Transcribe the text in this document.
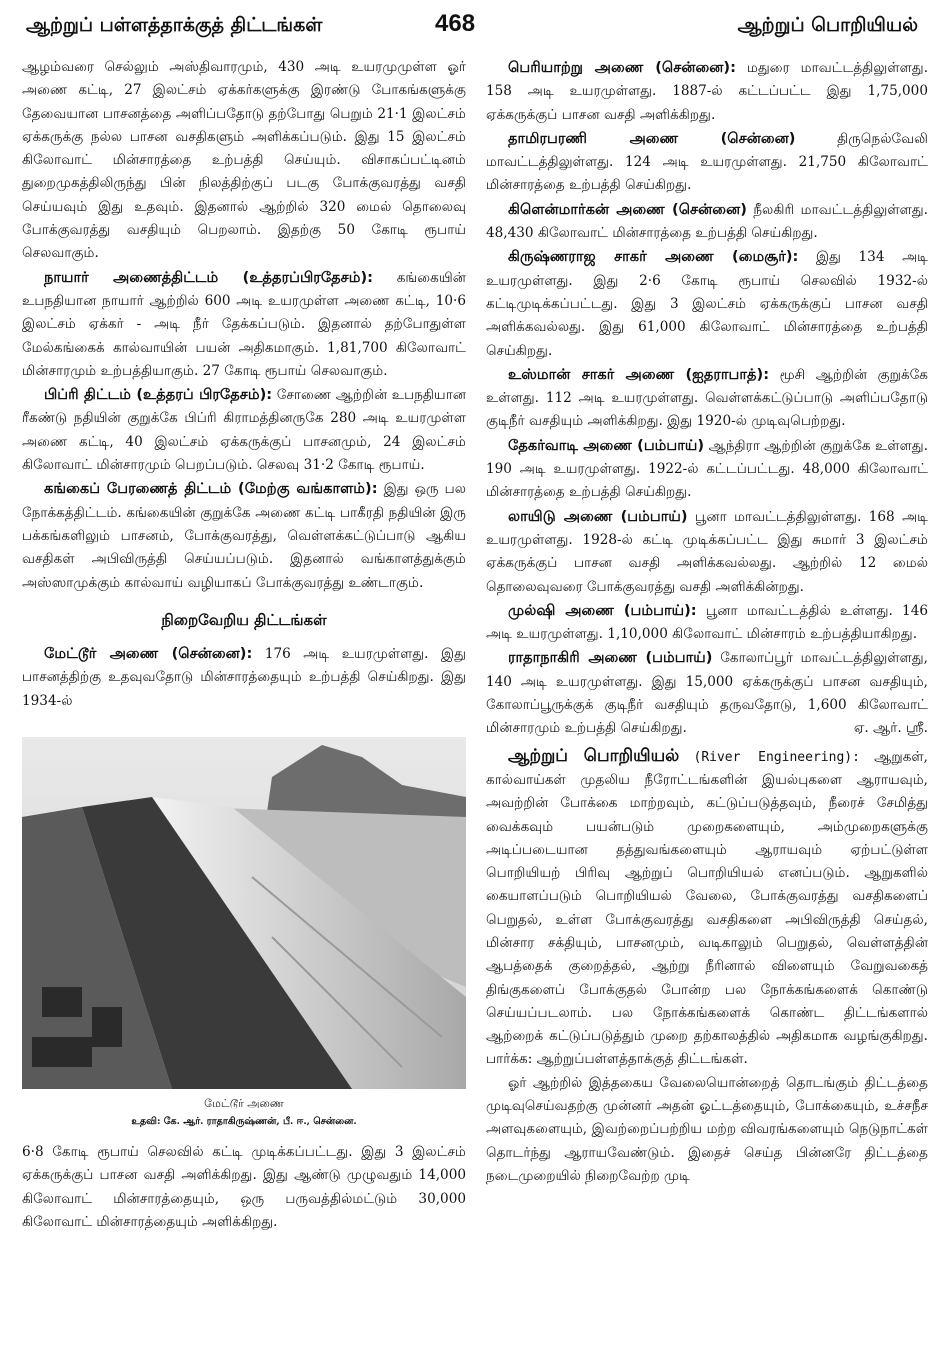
ஆற்றுப் பள்ளத்தாக்குத் திட்டங்கள்	468	ஆற்றுப் பொறியியல்

ஆழம்வரை செல்லும் அஸ்திவாரமும், 430 அடி உயரமுமுள்ள ஓர் அணை கட்டி, 27 இலட்சம் ஏக்கர்களுக்கு இரண்டு போகங்களுக்கு தேவையான பாசனத்தை அளிப்பதோடு தற்போது பெறும் 21·1 இலட்சம் ஏக்கருக்கு நல்ல பாசன வசதிகளும் அளிக்கப்படும். இது 15 இலட்சம் கிலோவாட் மின்சாரத்தை உற்பத்தி செய்யும். விசாகப்பட்டினம் துறைமுகத்திலிருந்து பின் நிலத்திற்குப் படகு போக்குவரத்து வசதி செய்யவும் இது உதவும். இதனால் ஆற்றில் 320 மைல் தொலைவு போக்குவரத்து வசதியும் பெறலாம். இதற்கு 50 கோடி ரூபாய் செலவாகும்.

நாயார் அணைத்திட்டம் (உத்தரப்பிரதேசம்): கங்கையின் உபநதியான நாயார் ஆற்றில் 600 அடி உயரமுள்ள அணை கட்டி, 10·6 இலட்சம் ஏக்கர் - அடி நீர் தேக்கப்படும். இதனால் தற்போதுள்ள மேல்கங்கைக் கால்வாயின் பயன் அதிகமாகும். 1,81,700 கிலோவாட் மின்சாரமும் உற்பத்தியாகும். 27 கோடி ரூபாய் செலவாகும்.

பிப்ரி திட்டம் (உத்தரப் பிரதேசம்): சோணை ஆற்றின் உபநதியான ரீகண்டு நதியின் குறுக்கே பிப்ரி கிராமத்தினருகே 280 அடி உயரமுள்ள அணை கட்டி, 40 இலட்சம் ஏக்கருக்குப் பாசனமும், 24 இலட்சம் கிலோவாட் மின்சாரமும் பெறப்படும். செலவு 31·2 கோடி ரூபாய்.

கங்கைப் பேரணைத் திட்டம் (மேற்கு வங்காளம்): இது ஒரு பல நோக்கத்திட்டம். கங்கையின் குறுக்கே அணை கட்டி பாகீரதி நதியின் இரு பக்கங்களிலும் பாசனம், போக்குவரத்து, வெள்ளக்கட்டுப்பாடு ஆகிய வசதிகள் அபிவிருத்தி செய்யப்படும். இதனால் வங்காளத்துக்கும் அஸ்ஸாமுக்கும் கால்வாய் வழியாகப் போக்குவரத்து உண்டாகும்.

நிறைவேறிய திட்டங்கள்

மேட்டூர் அணை (சென்னை): 176 அடி உயரமுள்ளது. இது பாசனத்திற்கு உதவுவதோடு மின்சாரத்தையும் உற்பத்தி செய்கிறது. இது 1934-ல்

மேட்டூர் அணை
உதவி: கே. ஆர். ராதாகிருஷ்ணன், பீ. ஈ., சென்னை.

6·8 கோடி ரூபாய் செலவில் கட்டி முடிக்கப்பட்டது. இது 3 இலட்சம் ஏக்கருக்குப் பாசன வசதி அளிக்கிறது. இது ஆண்டு முழுவதும் 14,000 கிலோவாட் மின்சாரத்தையும், ஒரு பருவத்தில்மட்டும் 30,000 கிலோவாட் மின்சாரத்தையும் அளிக்கிறது.

பெரியாற்று அணை (சென்னை): மதுரை மாவட்டத்திலுள்ளது. 158 அடி உயரமுள்ளது. 1887-ல் கட்டப்பட்ட இது 1,75,000 ஏக்கருக்குப் பாசன வசதி அளிக்கிறது.

தாமிரபரணி அணை (சென்னை)	திருநெல்வேலி மாவட்டத்திலுள்ளது. 124 அடி உயரமுள்ளது. 21,750 கிலோவாட் மின்சாரத்தை உற்பத்தி செய்கிறது.

கிளென்மார்கன் அணை (சென்னை) நீலகிரி மாவட்டத்திலுள்ளது. 48,430 கிலோவாட் மின்சாரத்தை உற்பத்தி செய்கிறது.

கிருஷ்ணராஜ சாகர் அணை (மைசூர்): இது 134 அடி உயரமுள்ளது. இது 2·6 கோடி ரூபாய் செலவில் 1932-ல் கட்டிமுடிக்கப்பட்டது. இது 3 இலட்சம் ஏக்கருக்குப் பாசன வசதி அளிக்கவல்லது. இது 61,000 கிலோவாட் மின்சாரத்தை உற்பத்தி செய்கிறது.

உஸ்மான் சாகர் அணை (ஐதராபாத்): மூசி ஆற்றின் குறுக்கே உள்ளது. 112 அடி உயரமுள்ளது. வெள்ளக்கட்டுப்பாடு அளிப்பதோடு குடிநீர் வசதியும் அளிக்கிறது. இது 1920-ல் முடிவுபெற்றது.

தேகர்வாடி அணை (பம்பாய்) ஆந்திரா ஆற்றின் குறுக்கே உள்ளது. 190 அடி உயரமுள்ளது. 1922-ல் கட்டப்பட்டது. 48,000 கிலோவாட் மின்சாரத்தை உற்பத்தி செய்கிறது.

லாயிடு அணை (பம்பாய்) பூனா மாவட்டத்திலுள்ளது. 168 அடி உயரமுள்ளது. 1928-ல் கட்டி முடிக்கப்பட்ட இது சுமார் 3 இலட்சம் ஏக்கருக்குப் பாசன வசதி அளிக்கவல்லது. ஆற்றில் 12 மைல் தொலைவுவரை போக்குவரத்து வசதி அளிக்கின்றது.

முல்ஷி அணை (பம்பாய்): பூனா மாவட்டத்தில் உள்ளது. 146 அடி உயரமுள்ளது. 1,10,000 கிலோவாட் மின்சாரம் உற்பத்தியாகிறது.

ராதாநாகிரி அணை (பம்பாய்) கோலாப்பூர் மாவட்டத்திலுள்ளது, 140 அடி உயரமுள்ளது. இது 15,000 ஏக்கருக்குப் பாசன வசதியும், கோலாப்பூருக்குக் குடிநீர் வசதியும் தருவதோடு, 1,600 கிலோவாட் மின்சாரமும் உற்பத்தி செய்கிறது.	ஏ. ஆர். ஸ்ரீ.

ஆற்றுப் பொறியியல் (River Engineering): ஆறுகள், கால்வாய்கள் முதலிய நீரோட்டங்களின் இயல்புகளை ஆராயவும், அவற்றின் போக்கை மாற்றவும், கட்டுப்படுத்தவும், நீரைச் சேமித்து வைக்கவும் பயன்படும் முறைகளையும், அம்முறைகளுக்கு அடிப்படையான தத்துவங்களையும் ஆராயவும் ஏற்பட்டுள்ள பொறியியற் பிரிவு ஆற்றுப் பொறியியல் எனப்படும். ஆறுகளில் கையாளப்படும் பொறியியல் வேலை, போக்குவரத்து வசதிகளைப் பெறுதல், உள்ள போக்குவரத்து வசதிகளை அபிவிருத்தி செய்தல், மின்சார சக்தியும், பாசனமும், வடிகாலும் பெறுதல், வெள்ளத்தின் ஆபத்தைக் குறைத்தல், ஆற்று நீரினால் விளையும் வேறுவகைத் திங்குகளைப் போக்குதல் போன்ற பல நோக்கங்களைக் கொண்டு செய்யப்படலாம். பல நோக்கங்களைக் கொண்ட திட்டங்களால் ஆற்றைக் கட்டுப்படுத்தும் முறை தற்காலத்தில் அதிகமாக வழங்குகிறது. பார்க்க: ஆற்றுப்பள்ளத்தாக்குத் திட்டங்கள்.

ஓர் ஆற்றில் இத்தகைய வேலையொன்றைத் தொடங்கும் திட்டத்தை முடிவுசெய்வதற்கு முன்னர் அதன் ஓட்டத்தையும், போக்கையும், உச்சநீச அளவுகளையும், இவற்றைப்பற்றிய மற்ற விவரங்களையும் நெடுநாட்கள் தொடர்ந்து ஆராயவேண்டும். இதைச் செய்த பின்னரே திட்டத்தை நடைமுறையில் நிறைவேற்ற முடி
